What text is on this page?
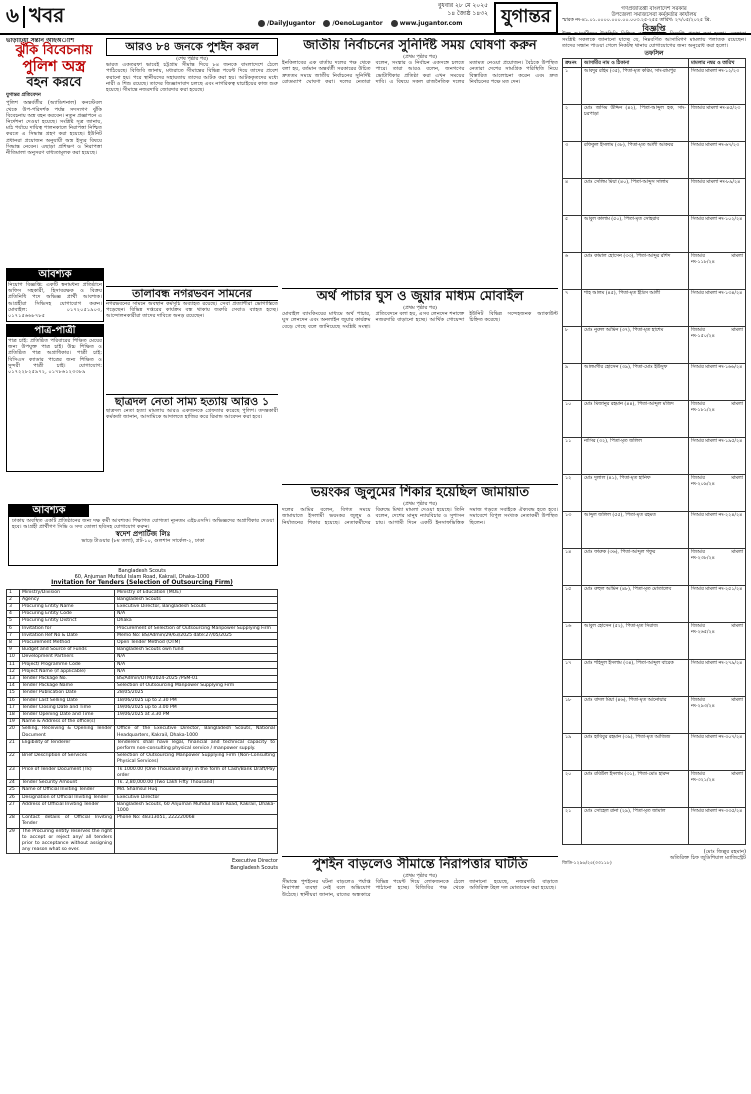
৬ খবর	বুধবার ২৮ মে ২০২৫
১৪ জ্যৈষ্ঠ ১৪৩২ যুগান্তর
/DailyJugantor	/OenoLugantor	www.jugantor.com
ভাড়াটিয়া সন্তান আইঅাশি
ঝুঁকি বিবেচনায়
পুলিশ অস্ত্র
বহন করবে
যুগান্তর প্রতিবেদন
পুলিশ অন্তর্বর্তীর (অ্যাডিশনাল) কনস্টেবল থেকে উপ-পরিদর্শক পর্যন্ত সদস্যগণ ঝুঁকি বিবেচনায় অস্ত্র বহন করবেন। নতুন প্রজ্ঞাপনে এ নির্দেশনা দেওয়া হয়েছে। সংশ্লিষ্ট সূত্র জানায়, মাঠ পর্যায়ে দায়িত্ব পালনকালে নিরাপত্তা নিশ্চিত করতে এ সিদ্ধান্ত গ্রহণ করা হয়েছে। ইউনিট প্রধানরা প্রয়োজন অনুযায়ী অস্ত্র ইস্যুর বিষয়ে সিদ্ধান্ত নেবেন। এছাড়া প্রশিক্ষণ ও নিরাপত্তা নীতিমালা অনুসরণ বাধ্যতামূলক করা হয়েছে।
আবশ্যক
নিয়োগ বিজ্ঞপ্তি: একটি স্বনামধন্য প্রতিষ্ঠানে অফিস সহকারী, হিসাবরক্ষক ও বিক্রয় প্রতিনিধি পদে অভিজ্ঞ প্রার্থী আবশ্যক। আগ্রহীরা সিভিসহ যোগাযোগ করুন। মোবাইল: ০১৭২০৫১৯০৩, ০১৭১৫৬৬৮৭৮৫
পাত্র-পাত্রী
পাত্র চাই: প্রতিষ্ঠিত পরিবারের শিক্ষিত মেয়ের জন্য উপযুক্ত পাত্র চাই। উচ্চ শিক্ষিত ও প্রতিষ্ঠিত পাত্র অগ্রাধিকার। পাত্রী চাই: বিসিএস ক্যাডার পাত্রের জন্য শিক্ষিত ও সুন্দরী পাত্রী চাই। যোগাযোগ: ০১৭২২৮২৫৯৭২, ০১৭৮৬১২৩৩৮৯
আরও ৮৪ জনকে পুশইন করল
(শেষ পৃষ্ঠার পর)
ভারত একতরফা ভাবেই চট্টগ্রাম সীমান্ত দিয়ে ৮৪ জনকে বাংলাদেশে ঠেলে পাঠিয়েছে। বিজিবি জানায়, মধ্যরাতে সীমান্তের বিভিন্ন পয়েন্ট দিয়ে তাদের প্রবেশ করানো হয়। পরে স্থানীয়দের সহায়তায় তাদের আটক করা হয়। আটককৃতদের মধ্যে নারী ও শিশু রয়েছে। তাদের জিজ্ঞাসাবাদ চলছে এবং নাগরিকত্ব যাচাইয়ের কাজ শুরু হয়েছে। সীমান্তে নজরদারি জোরদার করা হয়েছে।
তালাবন্ধ নগরভবন সামনের
নগরভবনের সামনে অবস্থান কর্মসূচি অব্যাহত রয়েছে। সেবা প্রত্যাশীরা ভোগান্তিতে পড়েছেন। বিভিন্ন দপ্তরের কার্যক্রম বন্ধ থাকায় জরুরি সেবাও ব্যাহত হচ্ছে। আন্দোলনকারীরা তাদের দাবিতে অনড় রয়েছেন।
ছাত্রদল নেতা সাম্য হত্যায় আরও ১
ছাত্রদল নেতা হত্যা মামলায় আরও একজনকে গ্রেফতার করেছে পুলিশ। তদন্তকারী কর্মকর্তা জানান, আসামিকে আদালতে হাজির করে রিমান্ড আবেদন করা হবে।
আবশ্যক
ঢাকায় অবস্থিত একটি প্রতিষ্ঠানের জন্য দক্ষ কর্মী আবশ্যক। শিক্ষাগত যোগ্যতা ন্যূনতম এইচএসসি। অভিজ্ঞদের অগ্রাধিকার দেওয়া হবে। আগ্রহী প্রার্থীগণ সিভি ও সদ্য তোলা ছবিসহ যোগাযোগ করুন।
স্বদেশ প্রপার্টিজ লিঃ
ভাড়ে টাওয়ার (৮ম তলা), প্লট-১০, গুলশান সার্কেল-২, ঢাকা
Bangladesh Scouts
60, Anjuman Mufidul Islam Road, Kakrail, Dhaka-1000
Invitation for Tenders (Selection of Outsourcing Firm)
1	Ministry/Division	Ministry of Education (MOE)
2	Agency	Bangladesh Scouts
3	Procuring Entity Name	Executive Director, Bangladesh Scouts
4	Procuring Entity Code	N/A
5	Procuring Entity District	Dhaka
6	Invitation for	Procurement of Selection of Outsourcing Manpower Supplying Firm
7	Invitation Ref No & Date	Memo No: BS/Admin/29/63/2025 date:27/05/2025
8	Procurement Method	Open Tender Method (OTM)
9	Budget and Source of Funds	Bangladesh Scouts own fund
10	Development Partners	N/A
11	Project/ Programme Code	N/A
12	Project Name (if applicable)	N/A
13	Tender Package No.	BS/Admin/OTM/2024-2025 /PSM-01
14	Tender Package Name	Selection of Outsourcing Manpower Supplying Firm
15	Tender Publication Date	28/05/2025
16	Tender Last Selling Date	18/06/2025 up to 2.30 PM
17	Tender Closing Date and Time	19/06/2025 up to 3.00 PM
18	Tender Opening Date and Time	19/06/2025 at 3.30 PM
19	Name & Address of the office(s)	
20	Selling, Receiving & Opening Tender Document	Office of the Executive Director, Bangladesh Scouts, National Headquarters, Kakrail, Dhaka-1000
21	Eligibility of Tenderer	Tenderers shall have legal, financial and technical capacity to perform non-consulting physical service / manpower supply.
22	Brief Description of Services	Selection of Outsourcing Manpower Supplying Firm (Non-Consulting Physical Services)
23	Price of Tender Document (Tk)	Tk 1000.00 (One Thousand only) in the form of Cash/Bank Draft/Pay order
24	Tender Security Amount	Tk. 2,80,000.00 (Two Lakh Fifty Thousand)
25	Name of Official Inviting Tender	Md. Shamsul Huq
26	Designation of Official Inviting Tender	Executive Director
27	Address of Official Inviting Tender	Bangladesh Scouts, 60 Anjuman Mufidul Islam Road, Kakrail, Dhaka-1000
28	Contact details of Official Inviting Tender	Phone No: 48313051, 222220068
29	The Procuring entity reserves the right to accept or reject any/ all tenders prior to acceptance without assigning any reason what so ever.	
Executive Director
Bangladesh Scouts
জাতীয় নির্বাচনের সুনির্দিষ্ট সময় ঘোষণা করুন
(প্রথম পৃষ্ঠার পর)
ইনকিলাবের এক বার্তায় দলের পক্ষ থেকে বলা হয়, বর্তমান অন্তর্বর্তী সরকারের উচিত দ্রুততম সময়ে জাতীয় নির্বাচনের সুনির্দিষ্ট রোডম্যাপ ঘোষণা করা। দলের নেতারা বলেন, সংস্কার ও নির্বাচন একসঙ্গে চলতে পারে। তারা আরও বলেন, জনগণের ভোটাধিকার প্রতিষ্ঠা করা এখন সময়ের দাবি। এ বিষয়ে সকল রাজনৈতিক দলের মতামত নেওয়া প্রয়োজন। বৈঠকে উপস্থিত নেতারা দেশের সামগ্রিক পরিস্থিতি নিয়ে বিস্তারিত আলোচনা করেন এবং দ্রুত নির্বাচনের পক্ষে মত দেন।
অর্থ পাচার ঘুস ও জুয়ার মাধ্যম মোবাইল
(প্রথম পৃষ্ঠার পর)
মোবাইল ব্যাংকিংয়ের মাধ্যমে অর্থ পাচার, ঘুস লেনদেন এবং অনলাইন জুয়ার কার্যক্রম বেড়ে গেছে বলে জানিয়েছে সংশ্লিষ্ট সংস্থা। প্রতিবেদনে বলা হয়, এসব লেনদেন শনাক্তে নজরদারি বাড়ানো হচ্ছে। আর্থিক গোয়েন্দা ইউনিট বিভিন্ন সন্দেহজনক অ্যাকাউন্ট চিহ্নিত করেছে।
ভয়ংকর জুলুমের শিকার হয়েছিল জামায়াত
(প্রথম পৃষ্ঠার পর)
দলের আমির বলেন, বিগত সময়ে জামায়াতে ইসলামী ভয়ংকর জুলুম ও নির্যাতনের শিকার হয়েছে। নেতাকর্মীদের বিরুদ্ধে মিথ্যা মামলা দেওয়া হয়েছে। তিনি বলেন, দেশের মানুষ ন্যায়বিচার ও সুশাসন চায়। আগামী দিনে একটি ইনসাফভিত্তিক সমাজ গড়তে সবাইকে ঐক্যবদ্ধ হতে হবে। সমাবেশে বিপুল সংখ্যক নেতাকর্মী উপস্থিত ছিলেন।
পুশইন বাড়লেও সীমান্তে নিরাপত্তার ঘাটতি
(প্রথম পৃষ্ঠার পর)
সীমান্তে পুশইনের ঘটনা বাড়লেও পর্যাপ্ত নিরাপত্তা ব্যবস্থা নেই বলে অভিযোগ উঠেছে। স্থানীয়রা জানান, রাতের অন্ধকারে বিভিন্ন পয়েন্ট দিয়ে লোকজনকে ঠেলে পাঠানো হচ্ছে। বিজিবির পক্ষ থেকে জানানো হয়েছে, নজরদারি বাড়াতে অতিরিক্ত টহল দল মোতায়েন করা হয়েছে।
গণপ্রজাতন্ত্রী বাংলাদেশ সরকার
উপজেলা সমাজসেবা কর্মকর্তার কার্যালয়
স্মারক নং-৪১.০১.০০০০.০০০.০০.০০৩.২৫-২৫৫ তারিখ: ২৭/০৫/২০২৫ খ্রি.
বিজ্ঞপ্তি
উক্ত আসামীদের উপস্থিতি নিশ্চিত করার নিমিত্তে বিজ্ঞপ্তি প্রকাশ করা হলো। এতদ্বারা সংশ্লিষ্ট সকলকে জানানো যাচ্ছে যে, নিম্নবর্ণিত আসামিগণ মামলায় পলাতক রয়েছেন। তাদের সন্ধান পাওয়া গেলে নিকটস্থ থানায় যোগাযোগের জন্য অনুরোধ করা হলো।
তফসিল
ক্রঃনং	আসামীর নাম ও ঠিকানা	মামলার নম্বর ও তারিখ
১	আবদুর রহিম (৩৫), পিতা-মৃত করিম, সাং-রামপুর	সিআর মামলা নং-১২/২৩
২	মোঃ জসিম উদ্দিন (৪২), পিতা-আব্দুল হক, সাং-চরপাড়া	জিআর মামলা নং-৪৫/২৩
৩	রফিকুল ইসলাম (৩৮), পিতা-মৃত আলী আকবর	সিআর মামলা নং-৬৭/২৩
৪	মোঃ সেলিম মিয়া (৪০), পিতা-আব্দুস সালাম	জিআর মামলা নং-৮৯/২৪
৫	আবুল কালাম (৫০), পিতা-মৃত সোহরাব	সিআর মামলা নং-১০২/২৪
৬	মোঃ কামাল হোসেন (৩৩), পিতা-আব্দুর রশিদ	জিআর মামলা নং-১১৮/২৪
৭	শাহ আলম (৪৫), পিতা-মৃত ইদ্রিস আলী	সিআর মামলা নং-১৩৪/২৪
৮	মোঃ নুরুল আমিন (৩৭), পিতা-মৃত হাশেম	জিআর মামলা নং-১৫০/২৪
৯	আলমগীর হোসেন (৩৯), পিতা-মোঃ ইউসুফ	সিআর মামলা নং-১৬৬/২৪
১০	মোঃ মিজানুর রহমান (৪৪), পিতা-আব্দুল মজিদ	জিআর মামলা নং-১৮১/২৪
১১	নাসির (৩২), পিতা-মৃত জলিল	সিআর মামলা নং-১৯৫/২৪
১২	মোঃ দুলাল (৪১), পিতা-মৃত হানিফ	জিআর মামলা নং-২০৯/২৪
১৩	আব্দুল জলিল (৫৫), পিতা-মৃত রহমত	সিআর মামলা নং-২২৪/২৪
১৪	মোঃ ফারুক (৩৬), পিতা-আব্দুল গফুর	জিআর মামলা নং-২৩৮/২৪
১৫	মোঃ রুহুল আমিন (৪৮), পিতা-মৃত মোতালেব	সিআর মামলা নং-২৫১/২৪
১৬	আবুল হোসেন (৫২), পিতা-মৃত সিরাজ	জিআর মামলা নং-২৬৫/২৪
১৭	মোঃ শহিদুল ইসলাম (৩৪), পিতা-আব্দুল বারেক	সিআর মামলা নং-২৭৯/২৪
১৮	মোঃ বাদল মিয়া (৪৬), পিতা-মৃত আনোয়ার	জিআর মামলা নং-২৯৩/২৪
১৯	মোঃ হাবিবুর রহমান (৩৯), পিতা-মৃত আজিজ	সিআর মামলা নং-৩০৭/২৪
২০	মোঃ রবিউল ইসলাম (৩১), পিতা-মোঃ হারুন	জিআর মামলা নং-৩২১/২৪
২১	মোঃ সোহেল রানা (২৯), পিতা-মৃত জামাল	সিআর মামলা নং-৩৩৫/২৪
(মোঃ জিল্লুর রহমান)
অতিরিক্ত চিফ জুডিশিয়াল ম্যাজিস্ট্রেট
জিডি-১২৯৬/২৫(৩৩১১৮)
